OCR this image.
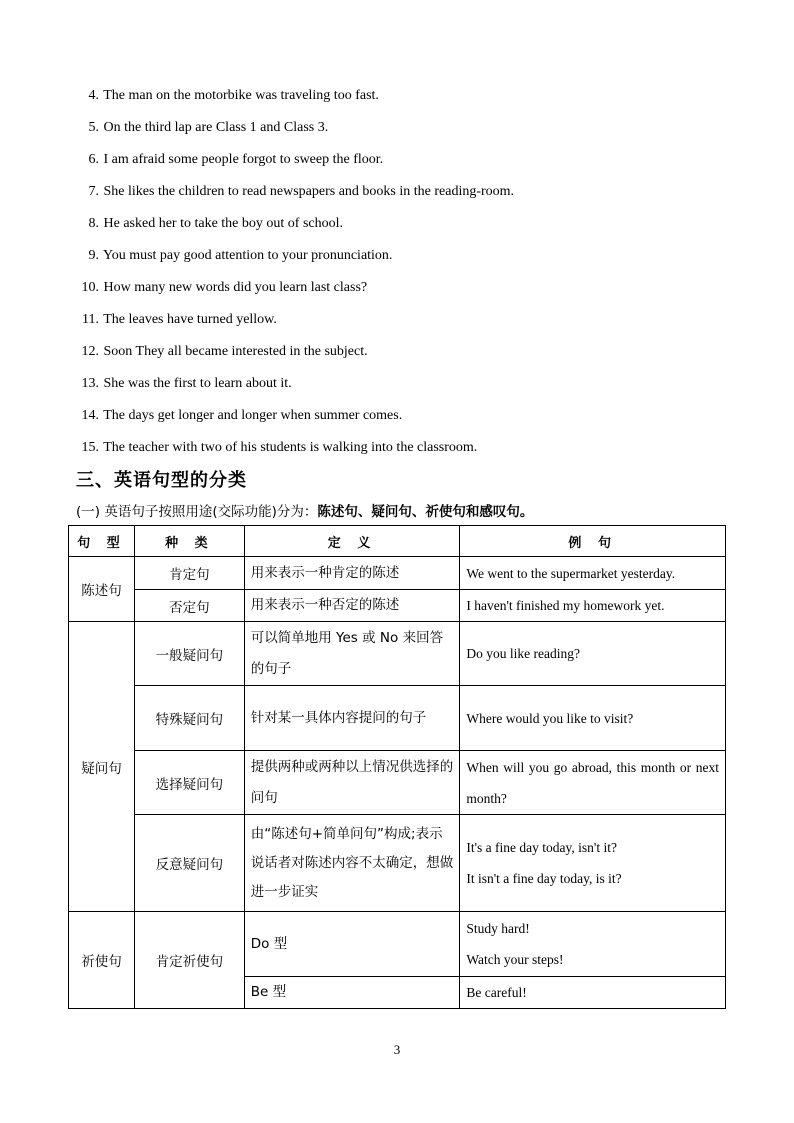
4. The man on the motorbike was traveling too fast.
5. On the third lap are Class 1 and Class 3.
6. I am afraid some people forgot to sweep the floor.
7. She likes the children to read newspapers and books in the reading-room.
8. He asked her to take the boy out of school.
9. You must pay good attention to your pronunciation.
10. How many new words did you learn last class?
11. The leaves have turned yellow.
12. Soon They all became interested in the subject.
13. She was the first to learn about it.
14. The days get longer and longer when summer comes.
15. The teacher with two of his students is walking into the classroom.
三、英语句型的分类
(一) 英语句子按照用途(交际功能)分为：陈述句、疑问句、祈使句和感叹句。
句 型	种 类	定 义	例 句
陈述句	肯定句	用来表示一种肯定的陈述	We went to the supermarket yesterday.
	否定句	用来表示一种否定的陈述	I haven't finished my homework yet.
疑问句	一般疑问句	可以简单地用 Yes 或 No 来回答的句子	Do you like reading?
	特殊疑问句	针对某一具体内容提问的句子	Where would you like to visit?
	选择疑问句	提供两种或两种以上情况供选择的问句	When will you go abroad, this month or next month?
	反意疑问句	由“陈述句+简单问句”构成;表示说话者对陈述内容不太确定，想做进一步证实	It's a fine day today, isn't it?
It isn't a fine day today, is it?

祈使句	肯定祈使句	Do 型	Study hard!
Watch your steps!

		Be 型	Be careful!
3
